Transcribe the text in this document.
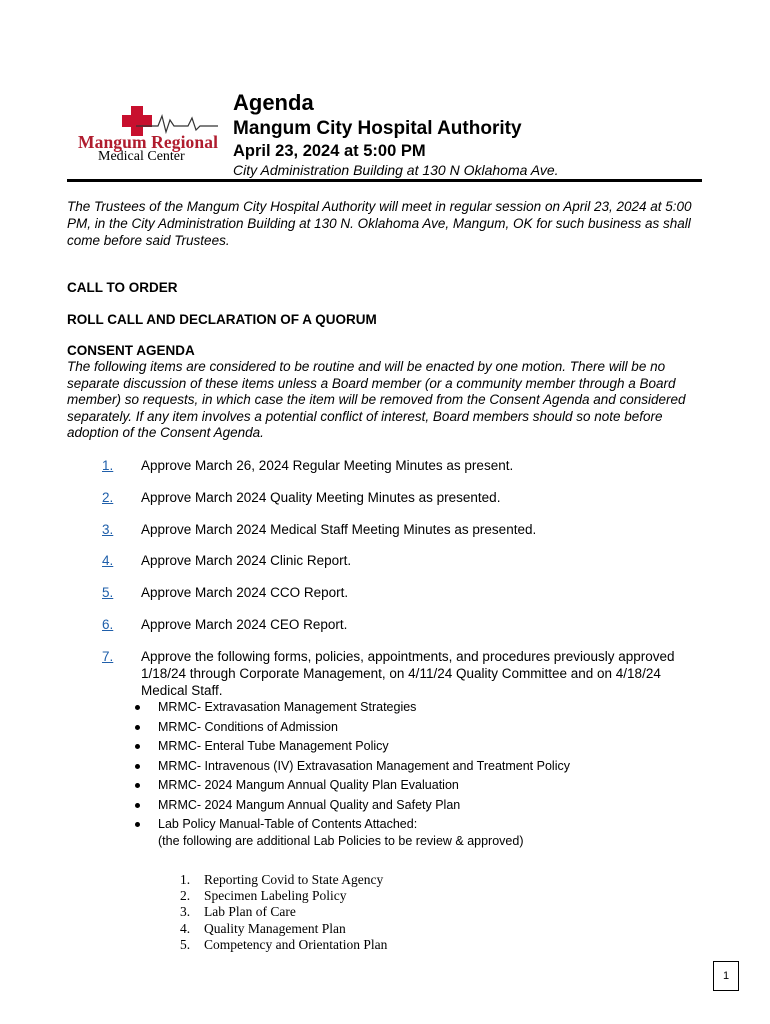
Mangum Regional
Medical Center
Agenda
Mangum City Hospital Authority
April 23, 2024 at 5:00 PM
City Administration Building at 130 N Oklahoma Ave.
The Trustees of the Mangum City Hospital Authority will meet in regular session on April 23, 2024 at 5:00 PM, in the City Administration Building at 130 N. Oklahoma Ave, Mangum, OK for such business as shall come before said Trustees.
CALL TO ORDER
ROLL CALL AND DECLARATION OF A QUORUM
CONSENT AGENDA
The following items are considered to be routine and will be enacted by one motion. There will be no separate discussion of these items unless a Board member (or a community member through a Board member) so requests, in which case the item will be removed from the Consent Agenda and considered separately. If any item involves a potential conflict of interest, Board members should so note before adoption of the Consent Agenda.
1. Approve March 26, 2024 Regular Meeting Minutes as present.
2. Approve March 2024 Quality Meeting Minutes as presented.
3. Approve March 2024 Medical Staff Meeting Minutes as presented.
4. Approve March 2024 Clinic Report.
5. Approve March 2024 CCO Report.
6. Approve March 2024 CEO Report.
7. Approve the following forms, policies, appointments, and procedures previously approved 1/18/24 through Corporate Management, on 4/11/24 Quality Committee and on 4/18/24 Medical Staff.
MRMC- Extravasation Management Strategies
MRMC- Conditions of Admission
MRMC- Enteral Tube Management Policy
MRMC- Intravenous (IV) Extravasation Management and Treatment Policy
MRMC- 2024 Mangum Annual Quality Plan Evaluation
MRMC- 2024 Mangum Annual Quality and Safety Plan
Lab Policy Manual-Table of Contents Attached:
(the following are additional Lab Policies to be review & approved)
1. Reporting Covid to State Agency
2. Specimen Labeling Policy
3. Lab Plan of Care
4. Quality Management Plan
5. Competency and Orientation Plan
1
